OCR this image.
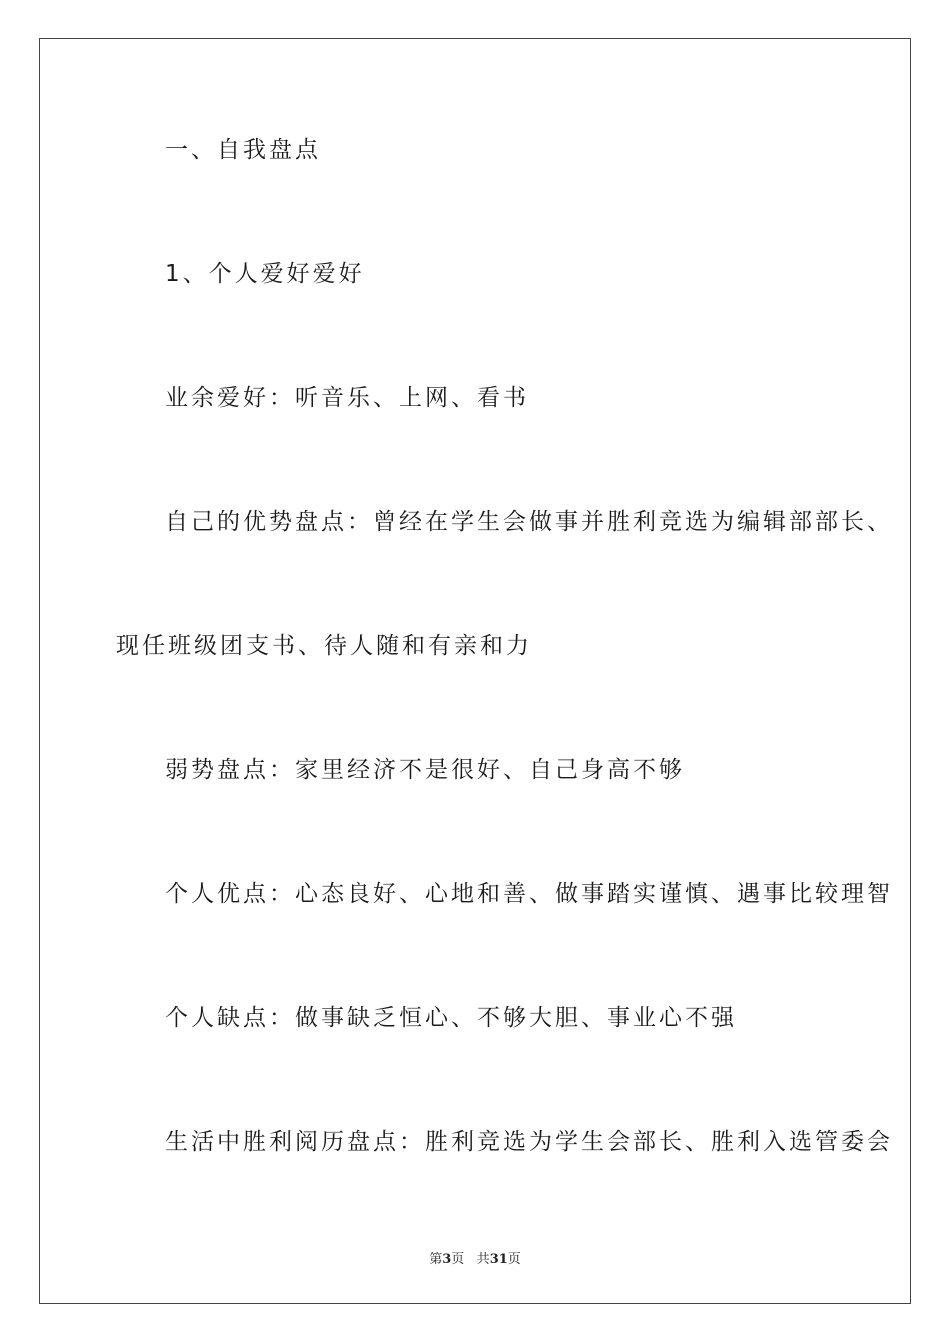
一、自我盘点

1、个人爱好爱好

业余爱好：听音乐、上网、看书

自己的优势盘点：曾经在学生会做事并胜利竞选为编辑部部长、

现任班级团支书、待人随和有亲和力

弱势盘点：家里经济不是很好、自己身高不够

个人优点：心态良好、心地和善、做事踏实谨慎、遇事比较理智

个人缺点：做事缺乏恒心、不够大胆、事业心不强

生活中胜利阅历盘点：胜利竞选为学生会部长、胜利入选管委会

第3页 共31页
